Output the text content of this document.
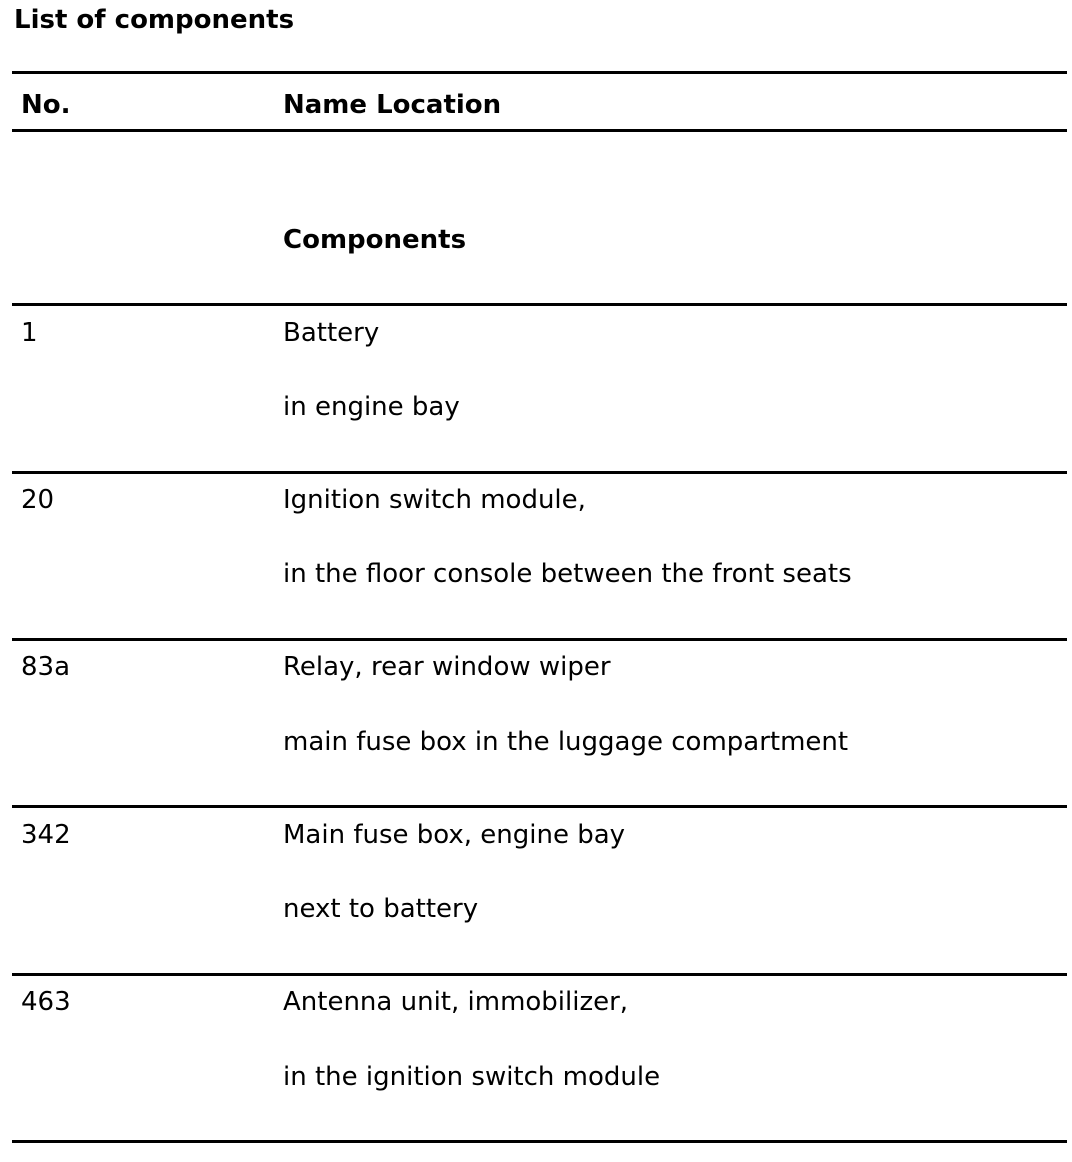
List of components
No.	Name Location
Components
1	Battery
in engine bay
20	Ignition switch module,
in the floor console between the front seats
83a	Relay, rear window wiper
main fuse box in the luggage compartment
342	Main fuse box, engine bay
next to battery
463	Antenna unit, immobilizer,
in the ignition switch module
